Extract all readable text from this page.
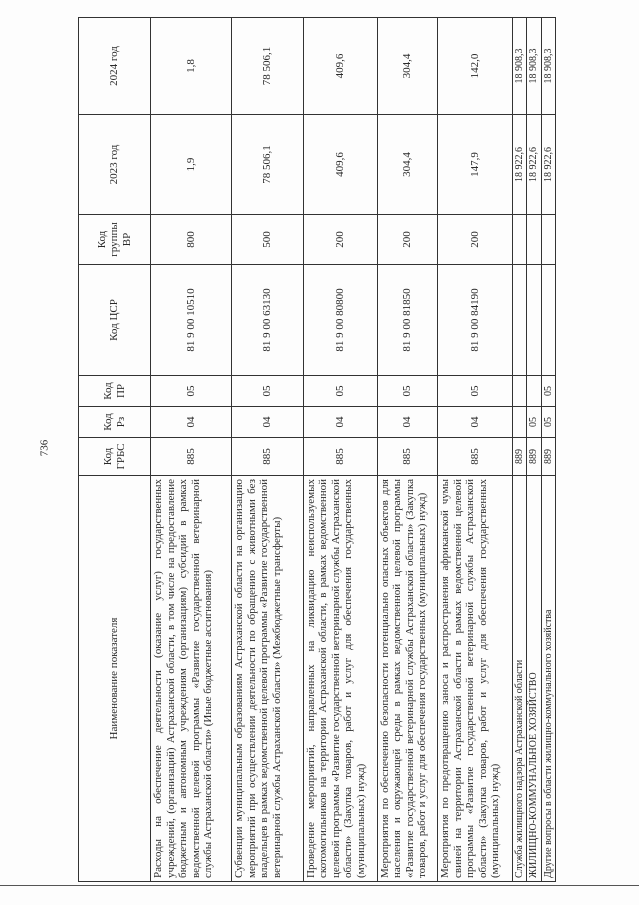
736
Наименование показателя	Код ГРБС	Код Рз	Код ПР	Код ЦСР	Код группы ВР	2023 год	2024 год
Расходы на обеспечение деятельности (оказание услуг) государственных учреждений, (организаций) Астраханской области, в том числе на предоставление бюджетным и автономным учреждениям (организациям) субсидий в рамках ведомственной целевой программы «Развитие государственной ветеринарной службы Астраханской области» (Иные бюджетные ассигнования)	885	04	05	81 9 00 10510	800	1,9	1,8
Субвенции муниципальным образованиям Астраханской области на организацию мероприятий при осуществлении деятельности по обращению с животными без владельцев в рамках ведомственной целевой программы «Развитие государственной ветеринарной службы Астраханской области» (Межбюджетные трансферты)	885	04	05	81 9 00 63130	500	78 506,1	78 506,1
Проведение мероприятий, направленных на ликвидацию неиспользуемых скотомогильников на территории Астраханской области, в рамках ведомственной целевой программы «Развитие государственной ветеринарной службы Астраханской области» (Закупка товаров, работ и услуг для обеспечения государственных (муниципальных) нужд)	885	04	05	81 9 00 80800	200	409,6	409,6
Мероприятия по обеспечению безопасности потенциально опасных объектов для населения и окружающей среды в рамках ведомственной целевой программы «Развитие государственной ветеринарной службы Астраханской области» (Закупка товаров, работ и услуг для обеспечения государственных (муниципальных) нужд)	885	04	05	81 9 00 81850	200	304,4	304,4
Мероприятия по предотвращению заноса и распространения африканской чумы свиней на территории Астраханской области в рамках ведомственной целевой программы «Развитие государственной ветеринарной службы Астраханской области» (Закупка товаров, работ и услуг для обеспечения государственных (муниципальных) нужд)	885	04	05	81 9 00 84190	200	147,9	142,0
Служба жилищного надзора Астраханской области	889					18 922,6	18 908,3
ЖИЛИЩНО-КОММУНАЛЬНОЕ ХОЗЯЙСТВО	889	05				18 922,6	18 908,3
Другие вопросы в области жилищно-коммунального хозяйства	889	05	05			18 922,6	18 908,3
